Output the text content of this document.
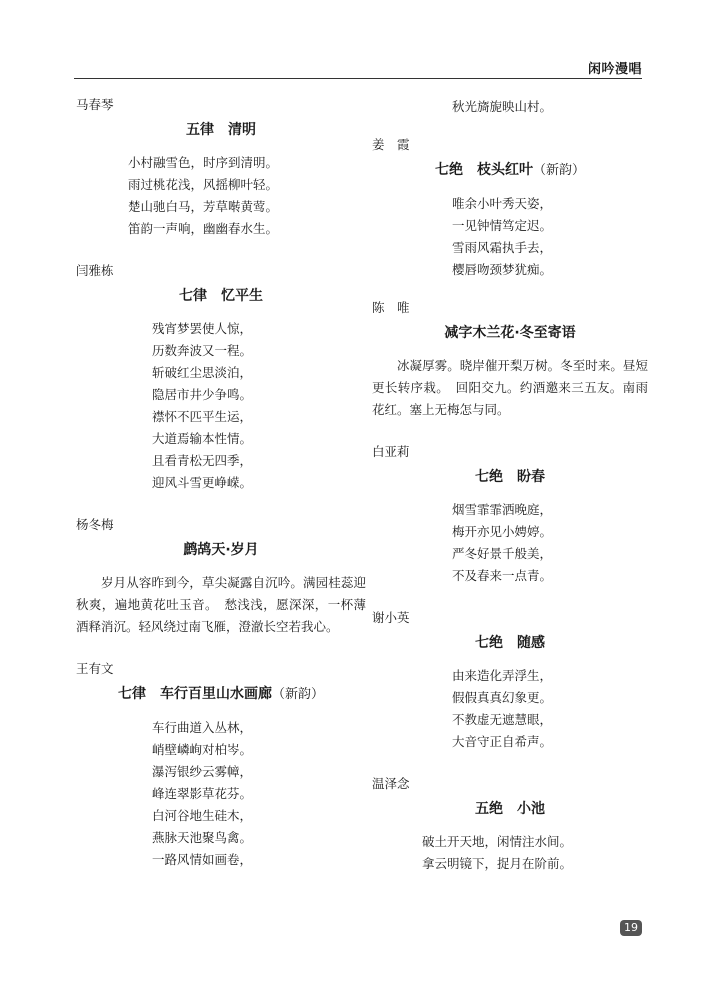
闲吟漫唱

马春琴

五律　清明
小村融雪色，时序到清明。
雨过桃花浅，风摇柳叶轻。
楚山驰白马，芳草啭黄莺。
笛韵一声响，幽幽春水生。

闫雅栋

七律　忆平生
残宵梦罢使人惊，
历数奔波又一程。
斩破红尘思淡泊，
隐居市井少争鸣。
襟怀不匹平生运，
大道焉输本性情。
且看青松无四季，
迎风斗雪更峥嵘。

杨冬梅

鹧鸪天·岁月

岁月从容昨到今，草尖凝露自沉吟。满园桂蕊迎秋爽，遍地黄花吐玉音。　愁浅浅，愿深深，一杯薄酒释消沉。轻风绕过南飞雁，澄澈长空若我心。

王有文

七律　车行百里山水画廊（新韵）
车行曲道入丛林，
峭壁嶙峋对柏岑。
瀑泻银纱云雾幛，
峰连翠影草花芬。
白河谷地生硅木，
燕脉天池聚鸟禽。
一路风情如画卷，
秋光旖旎映山村。

姜　霞

七绝　枝头红叶（新韵）
唯余小叶秀天姿，
一见钟情笃定迟。
雪雨风霜执手去，
樱唇吻颈梦犹痴。

陈　唯

减字木兰花·冬至寄语

冰凝厚雾。晓岸催开梨万树。冬至时来。昼短更长转序栽。　回阳交九。约酒邀来三五友。南雨花红。塞上无梅怎与同。

白亚莉

七绝　盼春
烟雪霏霏洒晚庭，
梅开亦见小娉婷。
严冬好景千般美，
不及春来一点青。

谢小英

七绝　随感
由来造化弄浮生，
假假真真幻象更。
不教虚无遮慧眼，
大音守正自希声。

温泽念

五绝　小池
破土开天地，闲情注水间。
拿云明镜下，捉月在阶前。
19
